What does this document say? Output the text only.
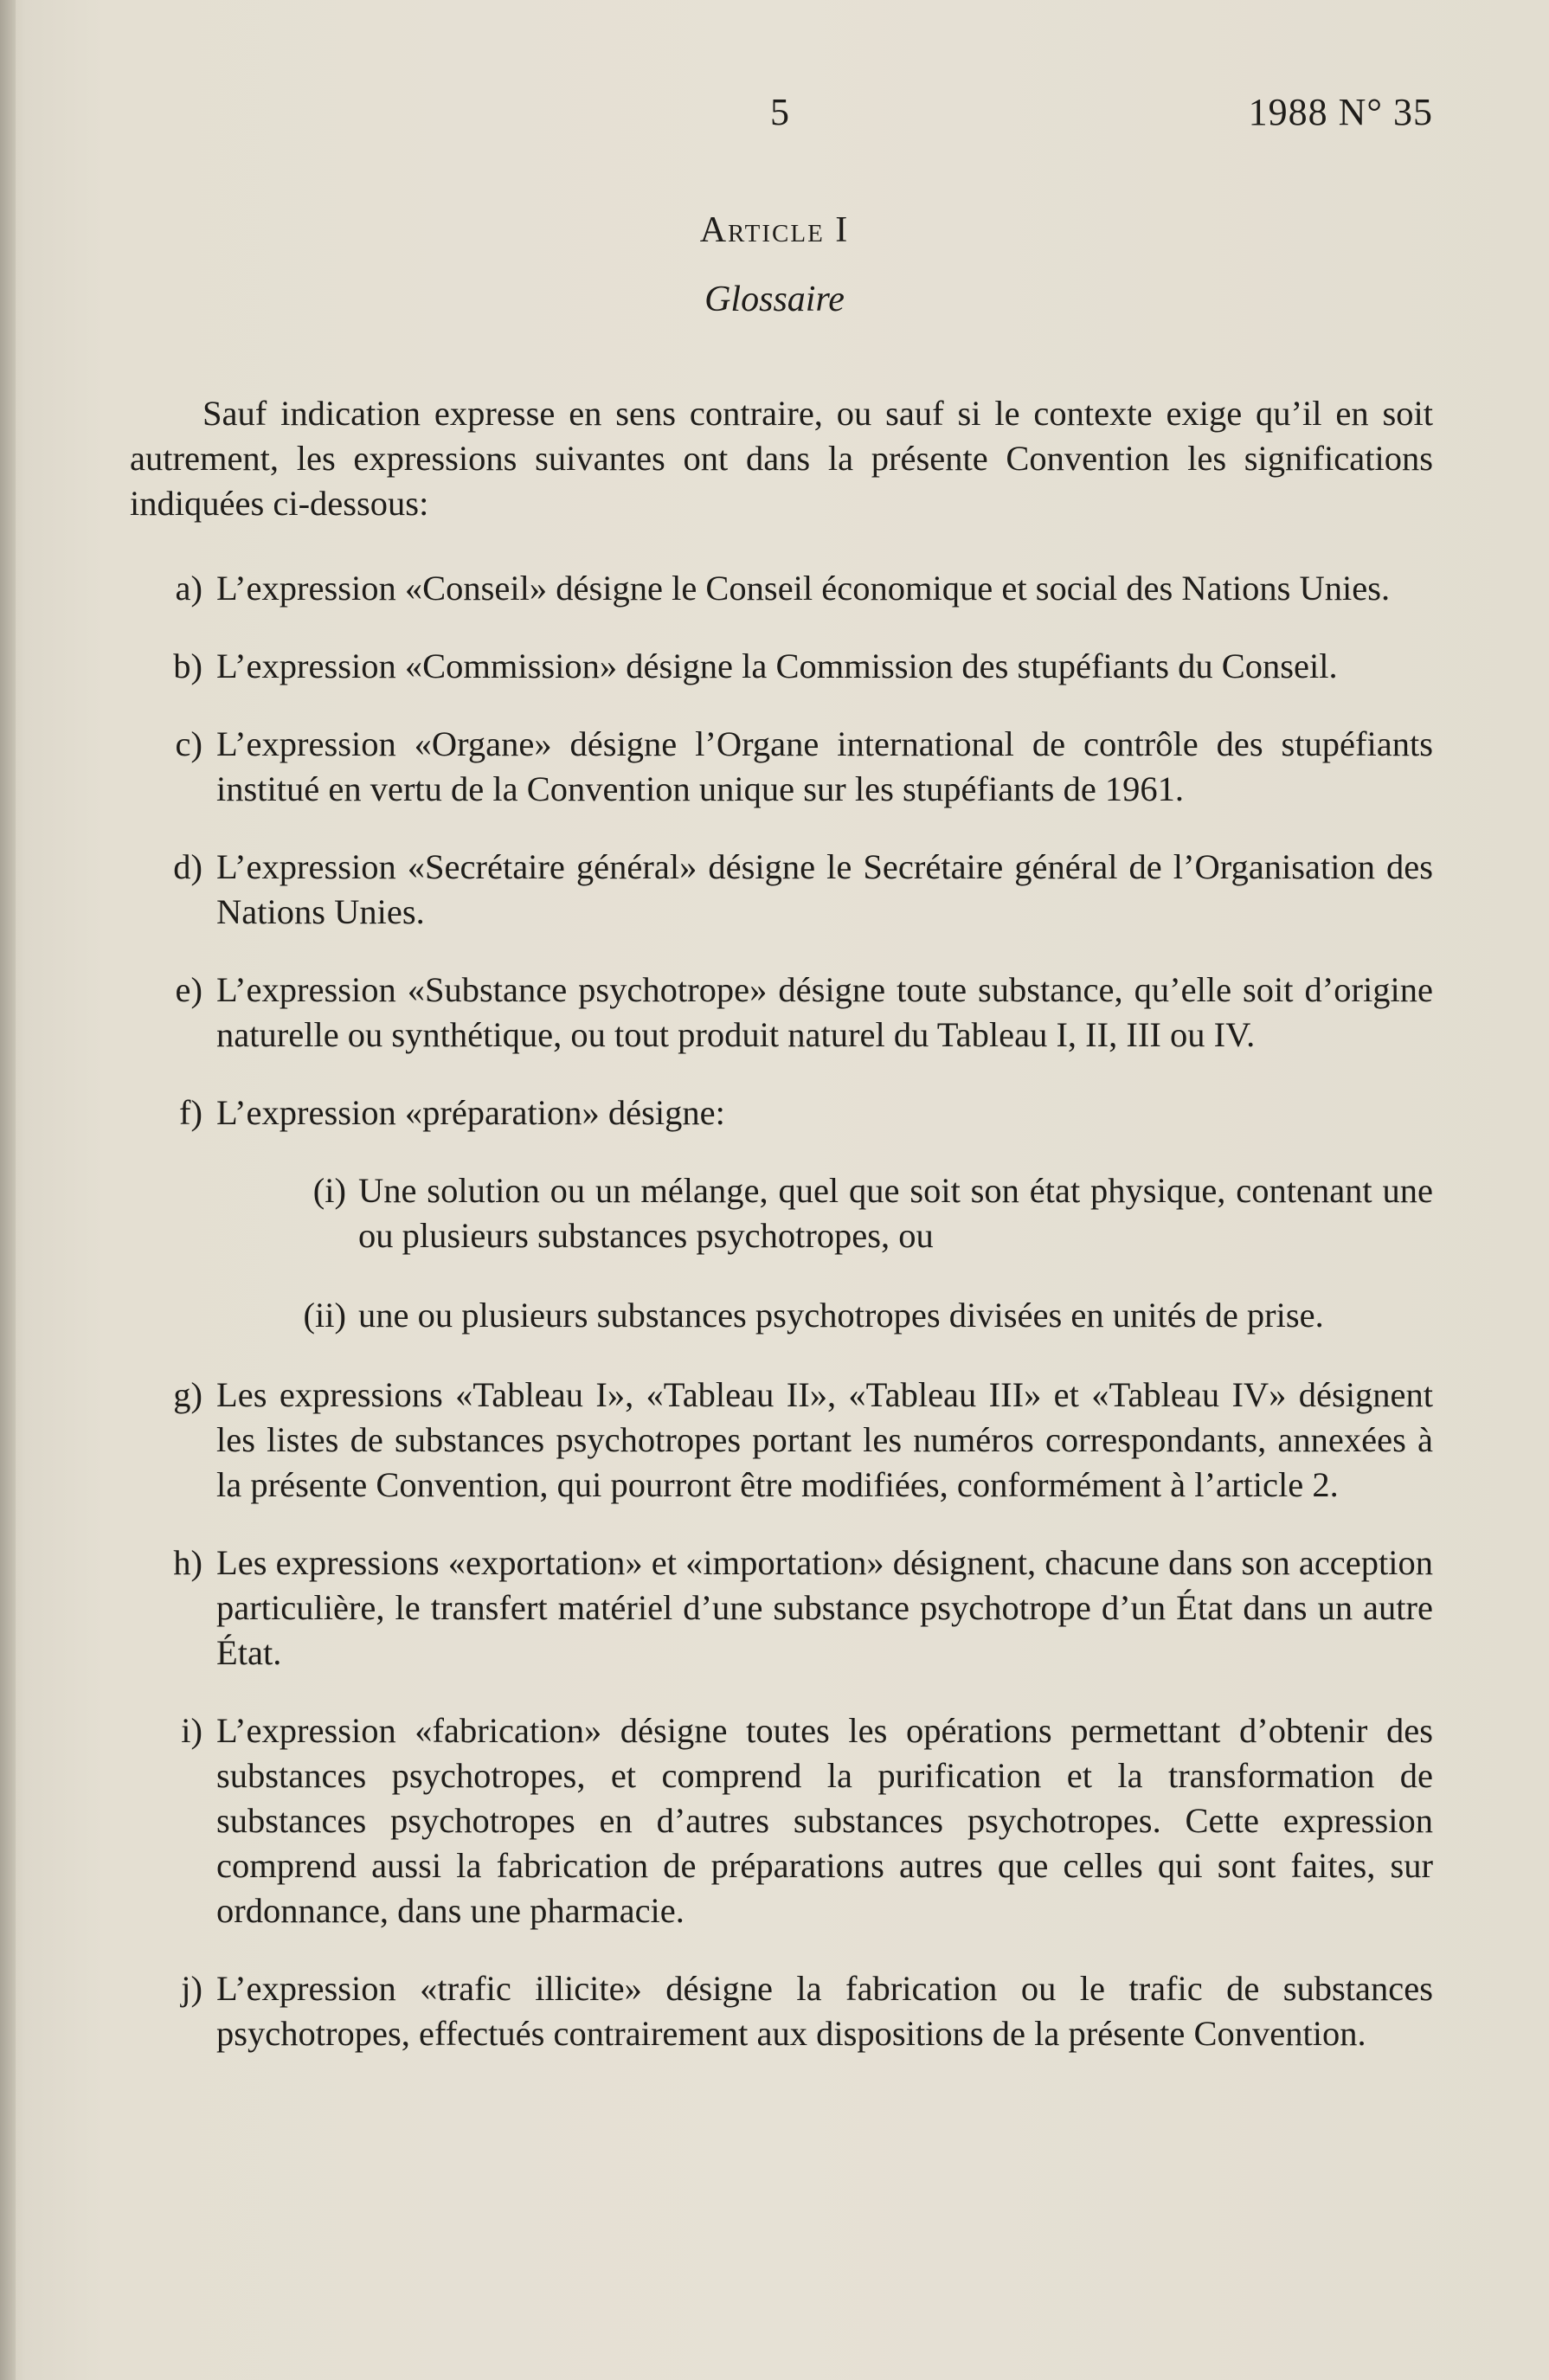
5	1988 N° 35
Article I
Glossaire

Sauf indication expresse en sens contraire, ou sauf si le contexte exige qu’il en soit autrement, les expressions suivantes ont dans la présente Convention les significations indiquées ci-dessous:

a) L’expression «Conseil» désigne le Conseil économique et social des Nations Unies.
b) L’expression «Commission» désigne la Commission des stupéfiants du Conseil.
c) L’expression «Organe» désigne l’Organe international de contrôle des stupéfiants institué en vertu de la Convention unique sur les stupéfiants de 1961.
d) L’expression «Secrétaire général» désigne le Secrétaire général de l’Organisation des Nations Unies.
e) L’expression «Substance psychotrope» désigne toute substance, qu’elle soit d’origine naturelle ou synthétique, ou tout produit naturel du Tableau I, II, III ou IV.
f) L’expression «préparation» désigne:
(i) Une solution ou un mélange, quel que soit son état physique, contenant une ou plusieurs substances psychotropes, ou
(ii) une ou plusieurs substances psychotropes divisées en unités de prise.
g) Les expressions «Tableau I», «Tableau II», «Tableau III» et «Tableau IV» désignent les listes de substances psychotropes portant les numéros correspondants, annexées à la présente Convention, qui pourront être modifiées, conformément à l’article 2.
h) Les expressions «exportation» et «importation» désignent, chacune dans son acception particulière, le transfert matériel d’une substance psychotrope d’un État dans un autre État.
i) L’expression «fabrication» désigne toutes les opérations permettant d’obtenir des substances psychotropes, et comprend la purification et la transformation de substances psychotropes en d’autres substances psychotropes. Cette expression comprend aussi la fabrication de préparations autres que celles qui sont faites, sur ordonnance, dans une pharmacie.
j) L’expression «trafic illicite» désigne la fabrication ou le trafic de substances psychotropes, effectués contrairement aux dispositions de la présente Convention.
